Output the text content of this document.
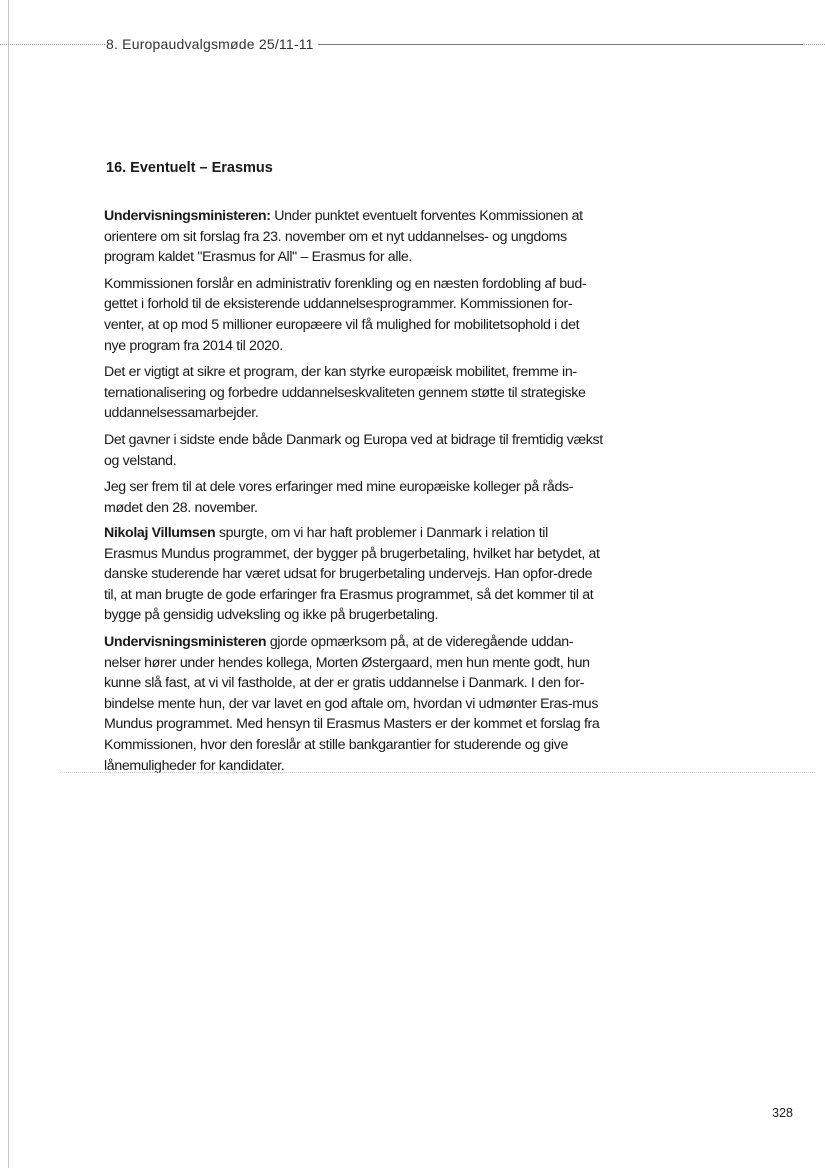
8. Europaudvalgsmøde 25/11-11
16. Eventuelt – Erasmus

Undervisningsministeren: Under punktet eventuelt forventes Kommissionen at orientere om sit forslag fra 23. november om et nyt uddannelses- og ungdoms program kaldet "Erasmus for All" – Erasmus for alle.

Kommissionen forslår en administrativ forenkling og en næsten fordobling af bud-gettet i forhold til de eksisterende uddannelsesprogrammer. Kommissionen for-venter, at op mod 5 millioner europæere vil få mulighed for mobilitetsophold i det nye program fra 2014 til 2020.

Det er vigtigt at sikre et program, der kan styrke europæisk mobilitet, fremme in-ternationalisering og forbedre uddannelseskvaliteten gennem støtte til strategiske uddannelsessamarbejder.

Det gavner i sidste ende både Danmark og Europa ved at bidrage til fremtidig vækst og velstand.

Jeg ser frem til at dele vores erfaringer med mine europæiske kolleger på råds-mødet den 28. november.

Nikolaj Villumsen spurgte, om vi har haft problemer i Danmark i relation til Erasmus Mundus programmet, der bygger på brugerbetaling, hvilket har betydet, at danske studerende har været udsat for brugerbetaling undervejs. Han opfor-drede til, at man brugte de gode erfaringer fra Erasmus programmet, så det kommer til at bygge på gensidig udveksling og ikke på brugerbetaling.

Undervisningsministeren gjorde opmærksom på, at de videregående uddan-nelser hører under hendes kollega, Morten Østergaard, men hun mente godt, hun kunne slå fast, at vi vil fastholde, at der er gratis uddannelse i Danmark. I den for-bindelse mente hun, der var lavet en god aftale om, hvordan vi udmønter Eras-mus Mundus programmet. Med hensyn til Erasmus Masters er der kommet et forslag fra Kommissionen, hvor den foreslår at stille bankgarantier for studerende og give lånemuligheder for kandidater.

328
